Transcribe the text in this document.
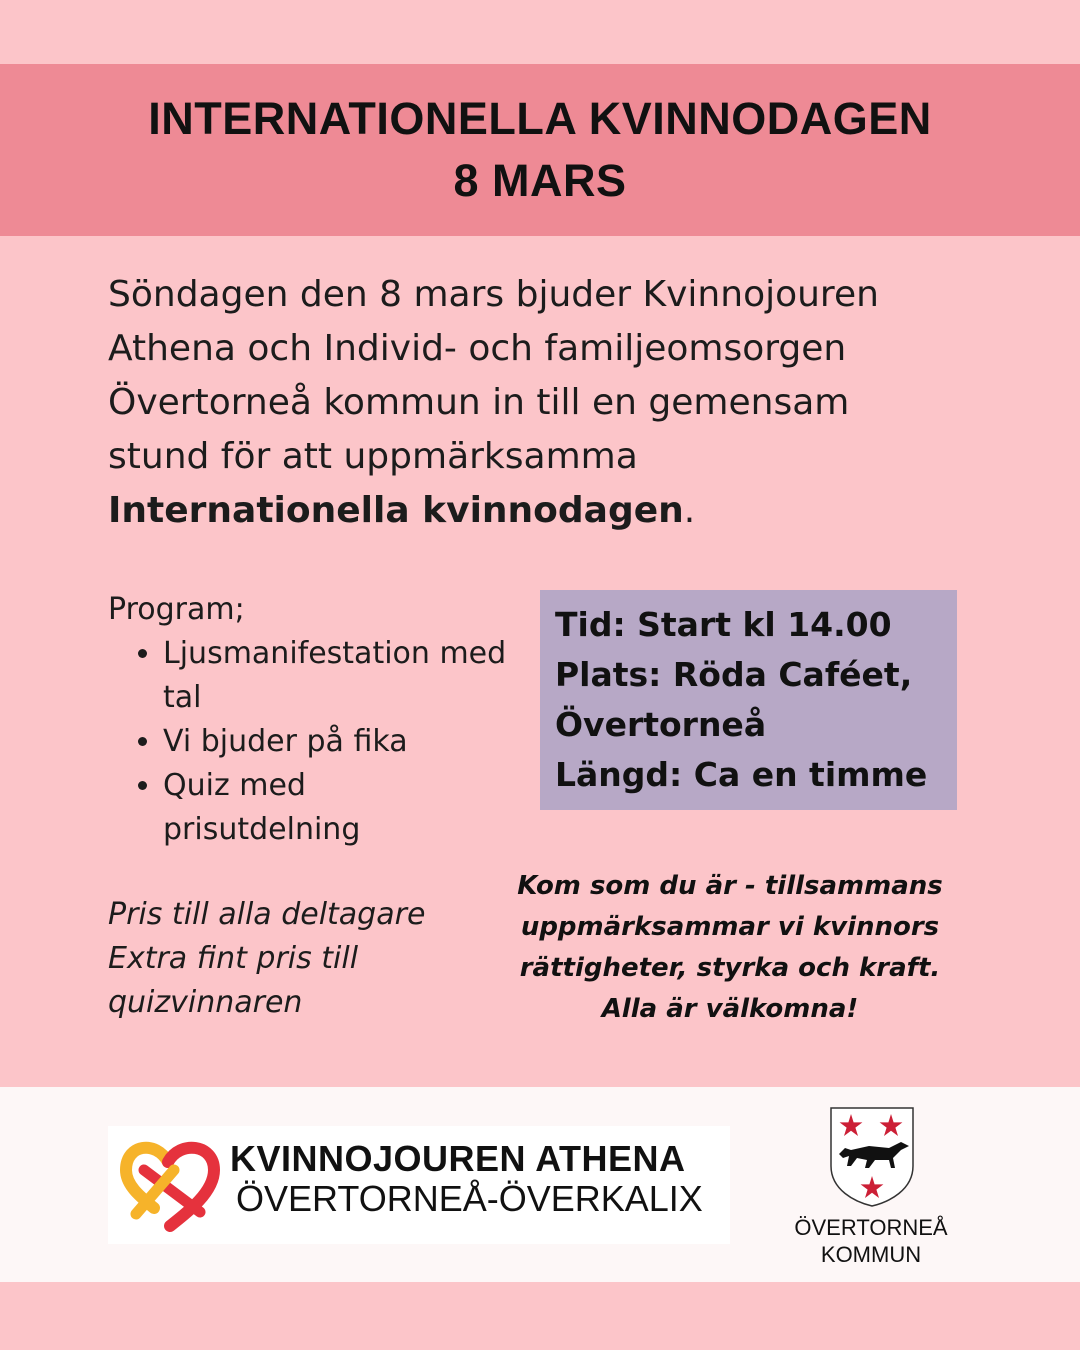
INTERNATIONELLA KVINNODAGEN
8 MARS
Söndagen den 8 mars bjuder Kvinnojouren
Athena och Individ- och familjeomsorgen
Övertorneå kommun in till en gemensam
stund för att uppmärksamma
Internationella kvinnodagen.
Program;
• Ljusmanifestation med tal
• Vi bjuder på fika
• Quiz med prisutdelning
Pris till alla deltagare
Extra fint pris till quizvinnaren
Tid: Start kl 14.00
Plats: Röda Caféet,
Övertorneå
Längd: Ca en timme
Kom som du är - tillsammans
uppmärksammar vi kvinnors
rättigheter, styrka och kraft.
Alla är välkomna!
KVINNOJOUREN ATHENA
ÖVERTORNEÅ-ÖVERKALIX
ÖVERTORNEÅ
KOMMUN
